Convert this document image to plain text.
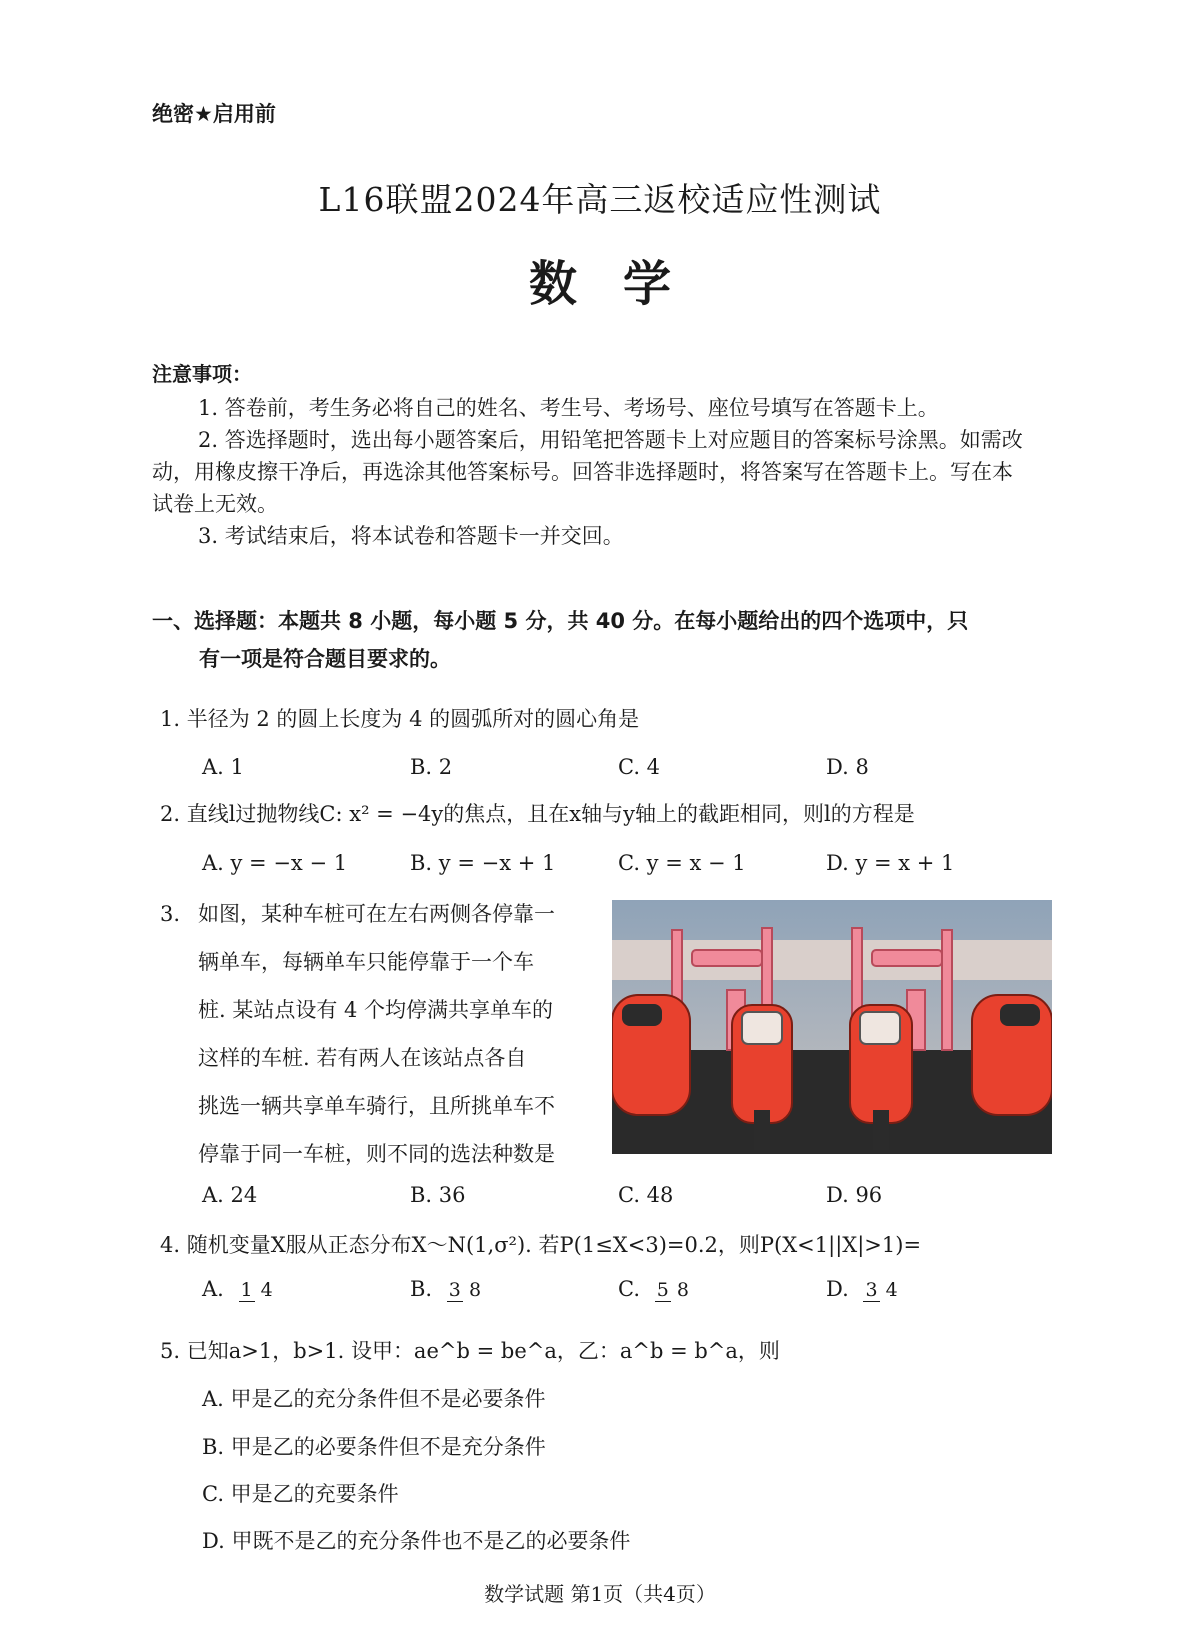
绝密★启用前
L16联盟2024年高三返校适应性测试
数学
注意事项：
1. 答卷前，考生务必将自己的姓名、考生号、考场号、座位号填写在答题卡上。
2. 答选择题时，选出每小题答案后，用铅笔把答题卡上对应题目的答案标号涂黑。如需改动，用橡皮擦干净后，再选涂其他答案标号。回答非选择题时，将答案写在答题卡上。写在本试卷上无效。
3. 考试结束后，将本试卷和答题卡一并交回。
一、选择题：本题共 8 小题，每小题 5 分，共 40 分。在每小题给出的四个选项中，只
有一项是符合题目要求的。
1. 半径为 2 的圆上长度为 4 的圆弧所对的圆心角是
A. 1	B. 2	C. 4	D. 8
2. 直线l过抛物线C: x² = −4y的焦点，且在x轴与y轴上的截距相同，则l的方程是
A. y = −x − 1	B. y = −x + 1	C. y = x − 1	D. y = x + 1
3. 如图，某种车桩可在左右两侧各停靠一
辆单车，每辆单车只能停靠于一个车
桩. 某站点设有 4 个均停满共享单车的
这样的车桩. 若有两人在该站点各自
挑选一辆共享单车骑行，且所挑单车不
停靠于同一车桩，则不同的选法种数是
A. 24	B. 36	C. 48	D. 96
4. 随机变量X服从正态分布X～N(1,σ²). 若P(1≤X<3)=0.2，则P(X<1||X|>1)=
A. 1 4	B. 3 8	C. 5 8	D. 3 4
5. 已知a>1，b>1. 设甲：ae^b = be^a，乙：a^b = b^a，则
A. 甲是乙的充分条件但不是必要条件
B. 甲是乙的必要条件但不是充分条件
C. 甲是乙的充要条件
D. 甲既不是乙的充分条件也不是乙的必要条件
数学试题 第1页（共4页）
